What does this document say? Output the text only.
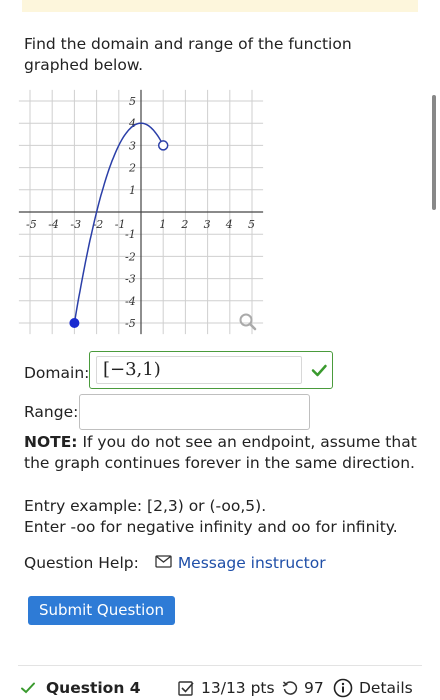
Find the domain and range of the function graphed below.
-5 -4 -3 -2 -1	1 2 3 4 5
5
4
3
2
1
-1
-2
-3
-4
-5
Domain: [−3,1)
Range:
NOTE: If you do not see an endpoint, assume that the graph continues forever in the same direction.
Entry example: [2,3) or (-oo,5).
Enter -oo for negative infinity and oo for infinity.
Question Help:	Message instructor
Submit Question
Question 4	13/13 pts 97 Details
